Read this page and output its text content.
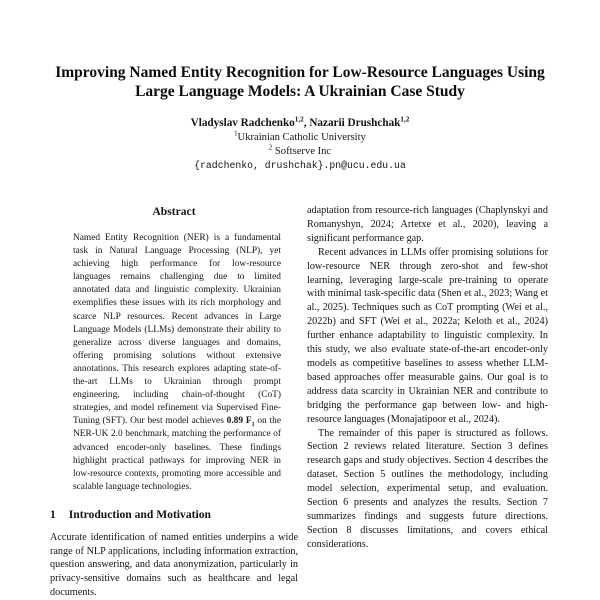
Improving Named Entity Recognition for Low-Resource Languages Using
Large Language Models: A Ukrainian Case Study
Vladyslav Radchenko$^{1,2}$, Nazarii Drushchak$^{1,2}$
$^1$Ukrainian Catholic University
$^2$ Softserve Inc
{radchenko, drushchak}.pn@ucu.edu.ua
Abstract

Named Entity Recognition (NER) is a fundamental task in Natural Language Processing (NLP), yet achieving high performance for low-resource languages remains challenging due to limited annotated data and linguistic complexity. Ukrainian exemplifies these issues with its rich morphology and scarce NLP resources. Recent advances in Large Language Models (LLMs) demonstrate their ability to generalize across diverse languages and domains, offering promising solutions without extensive annotations. This research explores adapting state-of-the-art LLMs to Ukrainian through prompt engineering, including chain-of-thought (CoT) strategies, and model refinement via Supervised Fine-Tuning (SFT). Our best model achieves 0.89 $F_1$ on the NER-UK 2.0 benchmark, matching the performance of advanced encoder-only baselines. These findings highlight practical pathways for improving NER in low-resource contexts, promoting more accessible and scalable language technologies.

1 Introduction and Motivation

Accurate identification of named entities underpins a wide range of NLP applications, including information extraction, question answering, and data anonymization, particularly in privacy-sensitive domains such as healthcare and legal documents.

adaptation from resource-rich languages (Chaplynskyi and Romanyshyn, 2024; Artetxe et al., 2020), leaving a significant performance gap.

Recent advances in LLMs offer promising solutions for low-resource NER through zero-shot and few-shot learning, leveraging large-scale pre-training to operate with minimal task-specific data (Shen et al., 2023; Wang et al., 2025). Techniques such as CoT prompting (Wei et al., 2022b) and SFT (Wei et al., 2022a; Keloth et al., 2024) further enhance adaptability to linguistic complexity. In this study, we also evaluate state-of-the-art encoder-only models as competitive baselines to assess whether LLM-based approaches offer measurable gains. Our goal is to address data scarcity in Ukrainian NER and contribute to bridging the performance gap between low- and high-resource languages (Monajatipoor et al., 2024).

The remainder of this paper is structured as follows. Section 2 reviews related literature. Section 3 defines research gaps and study objectives. Section 4 describes the dataset. Section 5 outlines the methodology, including model selection, experimental setup, and evaluation. Section 6 presents and analyzes the results. Section 7 summarizes findings and suggests future directions. Section 8 discusses limitations, and covers ethical considerations.
